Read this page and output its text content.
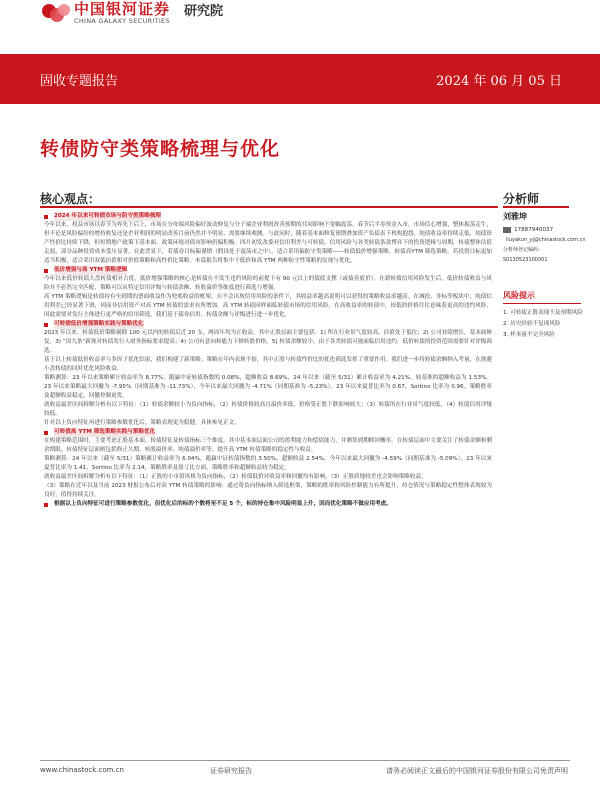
中国银河证券
CHINA GALAXY SECURITIES
研究院
固收专题报告	2024 年 06 月 05 日
转债防守类策略梳理与优化
核心观点：	分析师
2024 年以来可转债市场与防守类策略梳理

今年以来，权益市场以春节为界先下后上，市场在分母端风险偏好波动修复与分子端企业利润改善预期的共同影响下宽幅震荡。春节后半券资金入市，市场信心增强，整体振荡走牛，但不论是风险偏好的增持收复还是企业利润的明显改善目前仍然并不明显，需要继续观测。与此同时，随着基本面修复预期叠加资产负债表下机构抱怨，纯债收益率持续走低，纯债资产性价比持续下降，但短期地产政策下基本面、政策环境对债市影响仍偏积极。四月初发改委对信用利差与可转债，信用风险与各类转债条款博弈下的投资逻辑与周期，转债整体估值走弱，部分品种投资成本受压显著。在此背景下，若债券目标偏谨慎（假设处于震荡市之中），适合采用偏防守类策略——转债低价增强策略、转债高YTM 筛选策略。若投资目标更加适当积极，适合采用双低估值相对价值策略和高性价比策略。本篇报告将集中于低价和高 YTM 两种防守性策略的实现与优化。

低价增强与高 YTM 策略逻辑

今年以来低价转债大盘转债相对占优。低价增强策略的核心是转债在不发生违约风险的前提下有 90 元以上的债底支撑（或债券底价）。在新转债信用风险发生后，低价转债收益与风险并不必然完全匹配，策略可以从特定信用评级与转债余额、转股溢价等维度进行筛选与增强。

高 YTM 策略逻辑是转债持有至到期的票面收益作为兜底收益的框架。在不会出现信用风险的条件下，其收益率越高说明可以获得的策略收益率越高。在城投、非标等板块中，纯债信用利差已经显著下滑，因而非信用资产对高 YTM 转债的需求有所增加。高 YTM 转债同样面临转债市场的信用风险，在高收益率的转债中，较低的价格往往意味着更高的违约风险，因此需要对发行主体进行更严格的信用筛选，我们基于债券信用、转债余额与评级进行进一步优化。

可转债低价增强策略实践与策略优化

2023 年以来，转债低价策略剔除 100 元以内的转债后近 20 支，两周年均为正收益，其中正股层面主要包括：1) 所在行业景气度较高、估值处于低位；2) 公司业绩增长，基本面修复，3) “国九条”新规对转债发行人财务指标要求提高；4) 公司有意向和能力下修转股价格，5) 转债余额较小。由于各类转债可能面临信用违约，低价转债的投资范围需要针对评级筛选。

基于以上转债低价收益率与多因子优化结果，我们构建了新策略；策略在年内表现不俗，其中正股与转债性价比的优化筛选发挥了重要作用。我们进一步将转债余额纳入考量，在规避小盘转债的同时优化风险收益。

策略测算：23 年以来策略累计收益率为 8.77%，跑赢中证转债指数的 0.08%，超额收益 8.69%，24 年以来（截至 5/31）累计收益率为 4.21%，较基准的超额收益为 1.53%。23 年以来策略最大回撤为 -7.95%（同期基准为 -11.73%），今年以来最大回撤为 -4.71%（同期基准为 -5.23%）。23 年以来夏普比率为 0.67，Sortino 比率为 0.96。策略胜率及超额收益稳定，回撤控制更优。

就收益最差区间拆解分析有以下特征：（1）转债余额较小为负向指标，（2）转债价格较高且溢价率低，价格受正股下跌影响较大；（3）转债所在行业景气度较低，（4）转债信用评级较低。

针对以上负向特征再进行策略参数优化后，策略表现更为稳健，具体参见正文。

可转债高 YTM 筛选策略实践与策略优化

在构建策略范围时，主要考虑正股基本面、转债特征及转债指标三个维度。其中基本面层面公司的盈利能力和偿债能力，并测算到期赎回概率。在转债层面中主要关注了转债余额和剩余期限，转债特征层面则包括修正久期、转股溢价率、纯债溢价率等，提升高 YTM 转债策略的稳定性与收益。

策略测算：24 年以来（截至 5/31）策略累计收益率为 6.04%，跑赢中证转债指数的 3.50%，超额收益 2.54%。今年以来最大回撤为 -4.59%（同期基准为 -5.09%），23 年以来夏普比率为 1.41，Sortino 比率为 2.14，策略胜率及盈亏比方面，策略胜率和超额收益较为稳定。

就收益最差区间拆解分析有以下特征：（1）正股的小市值风格为负向指标，（2）转债低价对收益率和回撤均有影响，（3）正股质地较差也会影响策略收益。

（3）策略在近年以及当前 2023 财报公布后对高 YTM 转债策略的影响：通过将负向指标纳入筛选框架，策略的胜率和风险控制能力有所提升，持仓情况与策略稳定性整体表现较为良好，值得持续关注。

根据以上负向特征可进行策略参数优化，但优化后的标的个数将至不足 5 个，标的持仓集中风险明显上升，因而优化策略不做应用考虑。
刘雅坤
17887940037
liuyakun_yj@chinastock.com.cn
分析师登记编码：S0130523100001
风险提示
1. 可转债正股表现不及预期风险
2. 历史经验不复现风险
3. 样本量不完全风险
www.chinastock.com.cn	证券研究报告	请务必阅读正文最后的中国银河证券股份有限公司免责声明
